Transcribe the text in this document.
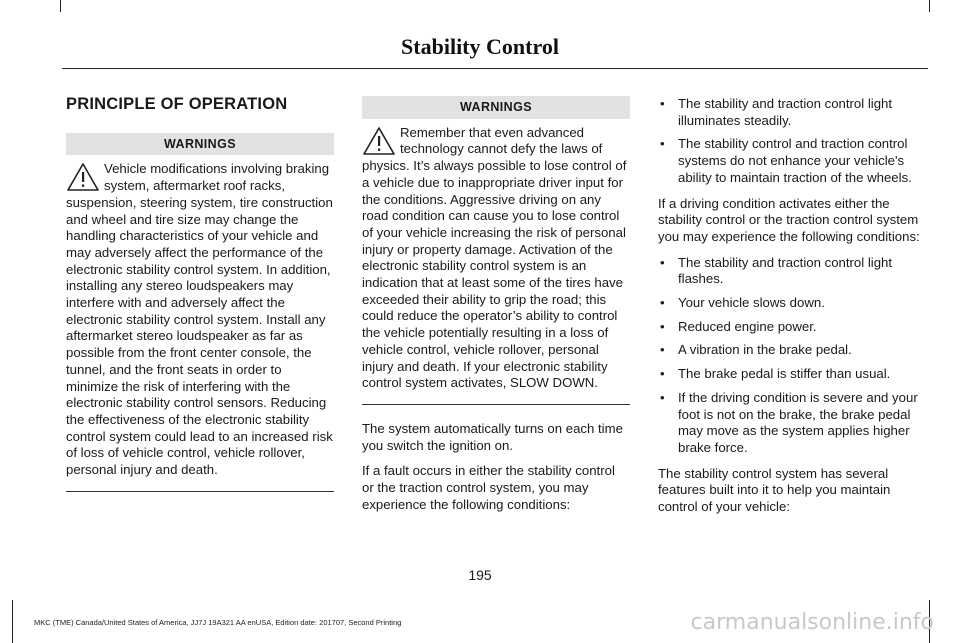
Stability Control
PRINCIPLE OF OPERATION
WARNINGS
Vehicle modifications involving braking system, aftermarket roof racks, suspension, steering system, tire construction and wheel and tire size may change the handling characteristics of your vehicle and may adversely affect the performance of the electronic stability control system. In addition, installing any stereo loudspeakers may interfere with and adversely affect the electronic stability control system. Install any aftermarket stereo loudspeaker as far as possible from the front center console, the tunnel, and the front seats in order to minimize the risk of interfering with the electronic stability control sensors. Reducing the effectiveness of the electronic stability control system could lead to an increased risk of loss of vehicle control, vehicle rollover, personal injury and death.
WARNINGS
Remember that even advanced technology cannot defy the laws of physics. It’s always possible to lose control of a vehicle due to inappropriate driver input for the conditions. Aggressive driving on any road condition can cause you to lose control of your vehicle increasing the risk of personal injury or property damage. Activation of the electronic stability control system is an indication that at least some of the tires have exceeded their ability to grip the road; this could reduce the operator’s ability to control the vehicle potentially resulting in a loss of vehicle control, vehicle rollover, personal injury and death. If your electronic stability control system activates, SLOW DOWN.

The system automatically turns on each time you switch the ignition on.

If a fault occurs in either the stability control or the traction control system, you may experience the following conditions:

• The stability and traction control light illuminates steadily.
• The stability control and traction control systems do not enhance your vehicle's ability to maintain traction of the wheels.

If a driving condition activates either the stability control or the traction control system you may experience the following conditions:

• The stability and traction control light flashes.
• Your vehicle slows down.
• Reduced engine power.
• A vibration in the brake pedal.
• The brake pedal is stiffer than usual.
• If the driving condition is severe and your foot is not on the brake, the brake pedal may move as the system applies higher brake force.

The stability control system has several features built into it to help you maintain control of your vehicle:

195
MKC (TME) Canada/United States of America, JJ7J 19A321 AA enUSA, Edition date: 201707, Second Printing	carmanualsonline.info
